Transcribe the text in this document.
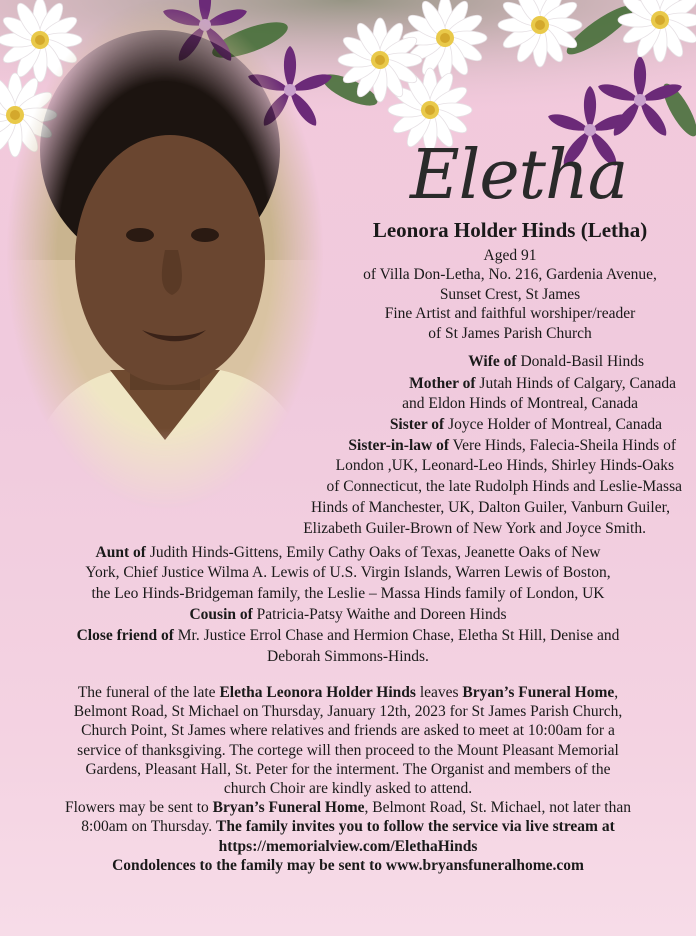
Eletha
Leonora Holder Hinds (Letha)
Aged 91
of Villa Don-Letha, No. 216, Gardenia Avenue,
Sunset Crest, St James
Fine Artist and faithful worshiper/reader
of St James Parish Church
Wife of Donald-Basil Hinds
Mother of Jutah Hinds of Calgary, Canada
and Eldon Hinds of Montreal, Canada
Sister of Joyce Holder of Montreal, Canada
Sister-in-law of Vere Hinds, Falecia-Sheila Hinds of
London ,UK, Leonard-Leo Hinds, Shirley Hinds-Oaks
of Connecticut, the late Rudolph Hinds and Leslie-Massa
Hinds of Manchester, UK, Dalton Guiler, Vanburn Guiler,
Elizabeth Guiler-Brown of New York and Joyce Smith.
Aunt of Judith Hinds-Gittens, Emily Cathy Oaks of Texas, Jeanette Oaks of New
York, Chief Justice Wilma A. Lewis of U.S. Virgin Islands, Warren Lewis of Boston,
the Leo Hinds-Bridgeman family, the Leslie – Massa Hinds family of London, UK
Cousin of Patricia-Patsy Waithe and Doreen Hinds
Close friend of Mr. Justice Errol Chase and Hermion Chase, Eletha St Hill, Denise and
Deborah Simmons-Hinds.
The funeral of the late Eletha Leonora Holder Hinds leaves Bryan’s Funeral Home,
Belmont Road, St Michael on Thursday, January 12th, 2023 for St James Parish Church,
Church Point, St James where relatives and friends are asked to meet at 10:00am for a
service of thanksgiving. The cortege will then proceed to the Mount Pleasant Memorial
Gardens, Pleasant Hall, St. Peter for the interment. The Organist and members of the
church Choir are kindly asked to attend.
Flowers may be sent to Bryan’s Funeral Home, Belmont Road, St. Michael, not later than
8:00am on Thursday. The family invites you to follow the service via live stream at
https://memorialview.com/ElethaHinds
Condolences to the family may be sent to www.bryansfuneralhome.com
